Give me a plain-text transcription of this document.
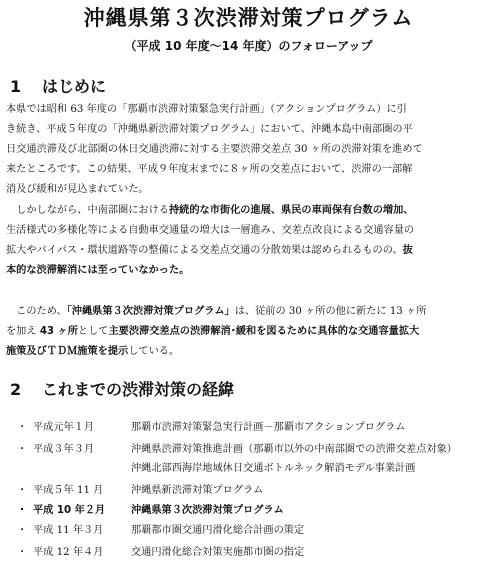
沖縄県第３次渋滞対策プログラム
（平成 10 年度～14 年度）のフォローアップ
1 はじめに
本県では昭和 63 年度の「那覇市渋滞対策緊急実行計画」（アクションプログラム）に引
き続き、平成５年度の「沖縄県新渋滞対策プログラム」において、沖縄本島中南部圏の平
日交通渋滞及び北部圏の休日交通渋滞に対する主要渋滞交差点 30 ヶ所の渋滞対策を進めて
来たところです。この結果、平成９年度末までに８ヶ所の交差点において、渋滞の一部解
消及び緩和が見込まれていた。
　しかしながら、中南部圏における持続的な市街化の進展、県民の車両保有台数の増加、
生活様式の多様化等による自動車交通量の増大は一層進み、交差点改良による交通容量の
拡大やバイパス・環状道路等の整備による交差点交通の分散効果は認められるものの、抜
本的な渋滞解消には至っていなかった。
　このため、「沖縄県第３次渋滞対策プログラム」は、従前の 30 ヶ所の他に新たに 13 ヶ所
を加え 43 ヶ所として主要渋滞交差点の渋滞解消･緩和を図るために具体的な交通容量拡大
施策及びＴＤＭ施策を提示している。
2 これまでの渋滞対策の経緯
・ 平成元年１月	那覇市渋滞対策緊急実行計画－那覇市アクションプログラム
・ 平成３年３月	沖縄県渋滞対策推進計画（那覇市以外の中南部圏での渋滞交差点対象）
沖縄北部西海岸地域休日交通ボトルネック解消モデル事業計画
・ 平成５年 11 月	沖縄県新渋滞対策プログラム
・ 平成 10 年２月	沖縄県第３次渋滞対策プログラム
・ 平成 11 年３月	那覇都市圏交通円滑化総合計画の策定
・ 平成 12 年４月	交通円滑化総合対策実施都市圏の指定
